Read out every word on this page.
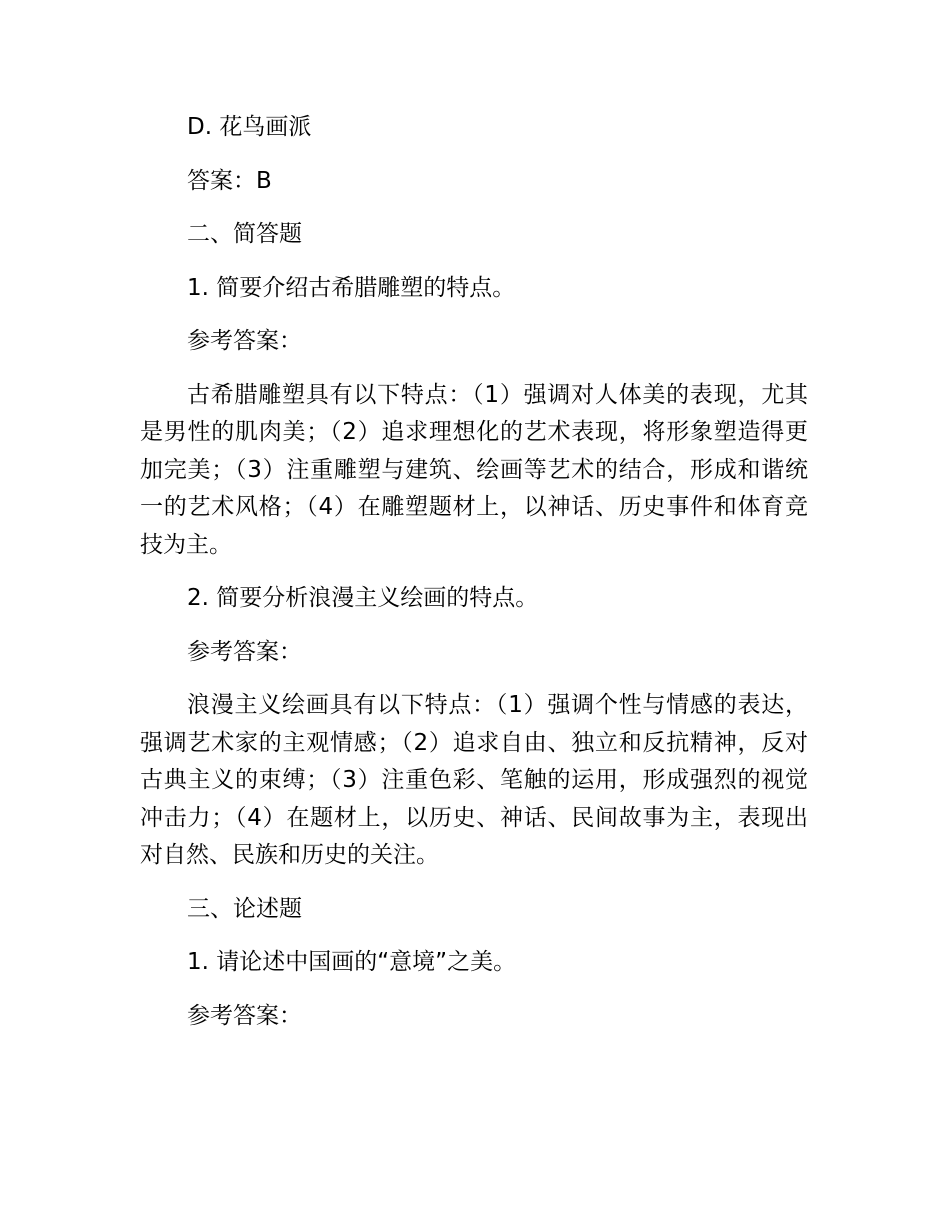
D. 花鸟画派

答案：B

二、简答题

1. 简要介绍古希腊雕塑的特点。

参考答案：

古希腊雕塑具有以下特点：（1）强调对人体美的表现，尤其是男性的肌肉美；（2）追求理想化的艺术表现，将形象塑造得更加完美；（3）注重雕塑与建筑、绘画等艺术的结合，形成和谐统一的艺术风格；（4）在雕塑题材上，以神话、历史事件和体育竞技为主。

2. 简要分析浪漫主义绘画的特点。

参考答案：

浪漫主义绘画具有以下特点：（1）强调个性与情感的表达，强调艺术家的主观情感；（2）追求自由、独立和反抗精神，反对古典主义的束缚；（3）注重色彩、笔触的运用，形成强烈的视觉冲击力；（4）在题材上，以历史、神话、民间故事为主，表现出对自然、民族和历史的关注。

三、论述题

1. 请论述中国画的“意境”之美。

参考答案：
